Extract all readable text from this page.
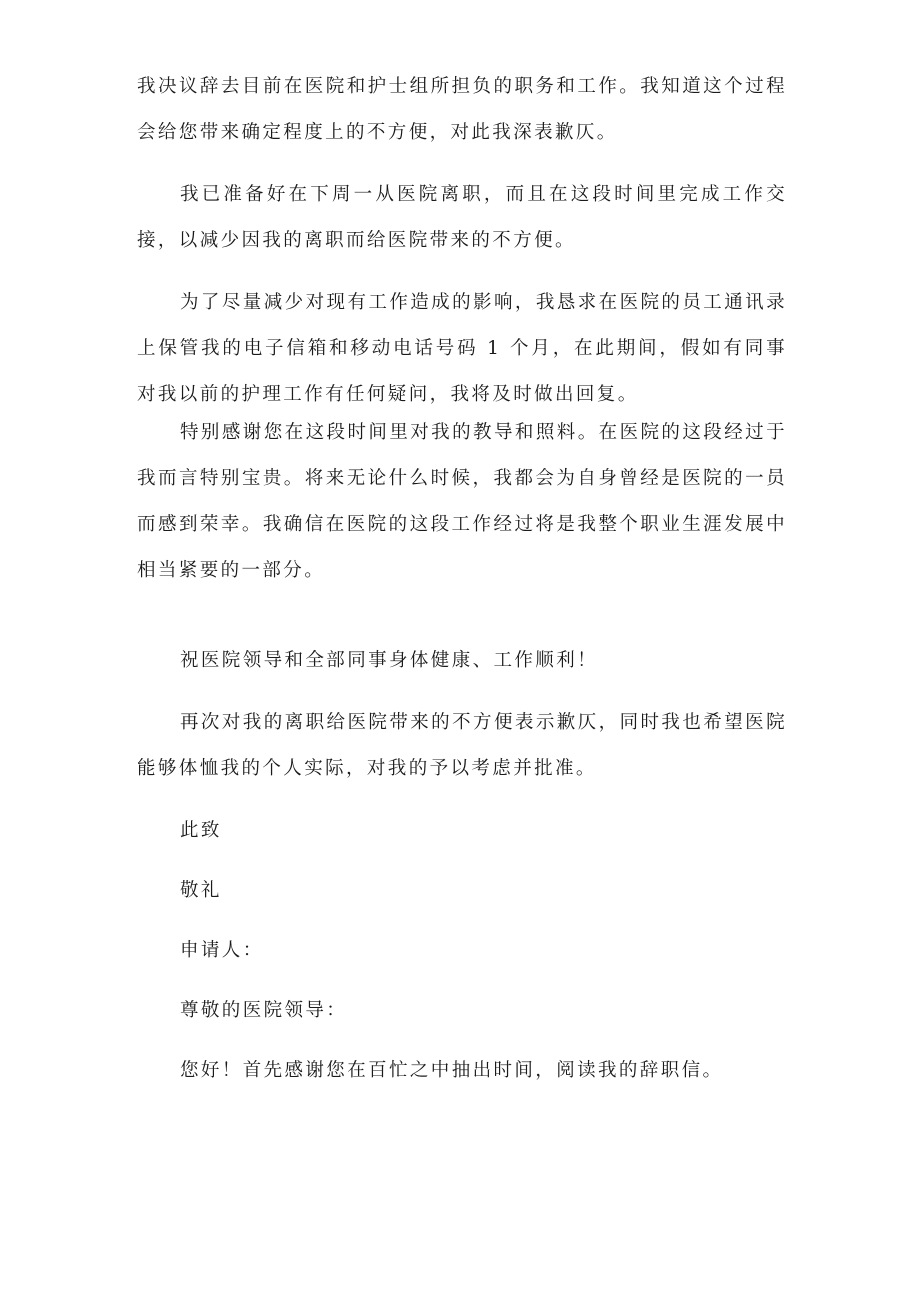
我决议辞去目前在医院和护士组所担负的职务和工作。我知道这个过程会给您带来确定程度上的不方便，对此我深表歉仄。

我已准备好在下周一从医院离职，而且在这段时间里完成工作交接，以减少因我的离职而给医院带来的不方便。

为了尽量减少对现有工作造成的影响，我恳求在医院的员工通讯录上保管我的电子信箱和移动电话号码 1 个月，在此期间，假如有同事对我以前的护理工作有任何疑问，我将及时做出回复。

特别感谢您在这段时间里对我的教导和照料。在医院的这段经过于我而言特别宝贵。将来无论什么时候，我都会为自身曾经是医院的一员而感到荣幸。我确信在医院的这段工作经过将是我整个职业生涯发展中相当紧要的一部分。

祝医院领导和全部同事身体健康、工作顺利！

再次对我的离职给医院带来的不方便表示歉仄，同时我也希望医院能够体恤我的个人实际，对我的予以考虑并批准。

此致

敬礼

申请人：

尊敬的医院领导：

您好！首先感谢您在百忙之中抽出时间，阅读我的辞职信。
